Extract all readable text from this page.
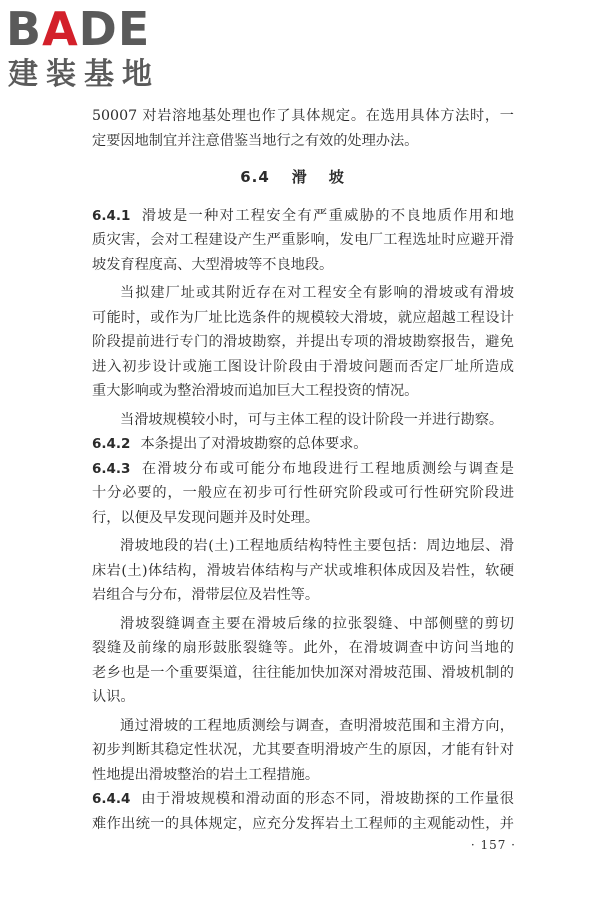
BADE
建装基地
50007 对岩溶地基处理也作了具体规定。在选用具体方法时，一
定要因地制宜并注意借鉴当地行之有效的处理办法。
6.4 滑坡
6.4.1 滑坡是一种对工程安全有严重威胁的不良地质作用和地
质灾害，会对工程建设产生严重影响，发电厂工程选址时应避开滑
坡发育程度高、大型滑坡等不良地段。
当拟建厂址或其附近存在对工程安全有影响的滑坡或有滑坡
可能时，或作为厂址比选条件的规模较大滑坡，就应超越工程设计
阶段提前进行专门的滑坡勘察，并提出专项的滑坡勘察报告，避免
进入初步设计或施工图设计阶段由于滑坡问题而否定厂址所造成
重大影响或为整治滑坡而追加巨大工程投资的情况。
当滑坡规模较小时，可与主体工程的设计阶段一并进行勘察。
6.4.2 本条提出了对滑坡勘察的总体要求。
6.4.3 在滑坡分布或可能分布地段进行工程地质测绘与调查是
十分必要的，一般应在初步可行性研究阶段或可行性研究阶段进
行，以便及早发现问题并及时处理。
滑坡地段的岩(土)工程地质结构特性主要包括：周边地层、滑
床岩(土)体结构，滑坡岩体结构与产状或堆积体成因及岩性，软硬
岩组合与分布，滑带层位及岩性等。
滑坡裂缝调查主要在滑坡后缘的拉张裂缝、中部侧壁的剪切
裂缝及前缘的扇形鼓胀裂缝等。此外，在滑坡调查中访问当地的
老乡也是一个重要渠道，往往能加快加深对滑坡范围、滑坡机制的
认识。
通过滑坡的工程地质测绘与调查，查明滑坡范围和主滑方向，
初步判断其稳定性状况，尤其要查明滑坡产生的原因，才能有针对
性地提出滑坡整治的岩土工程措施。
6.4.4 由于滑坡规模和滑动面的形态不同，滑坡勘探的工作量很
难作出统一的具体规定，应充分发挥岩土工程师的主观能动性，并
· 157 ·
